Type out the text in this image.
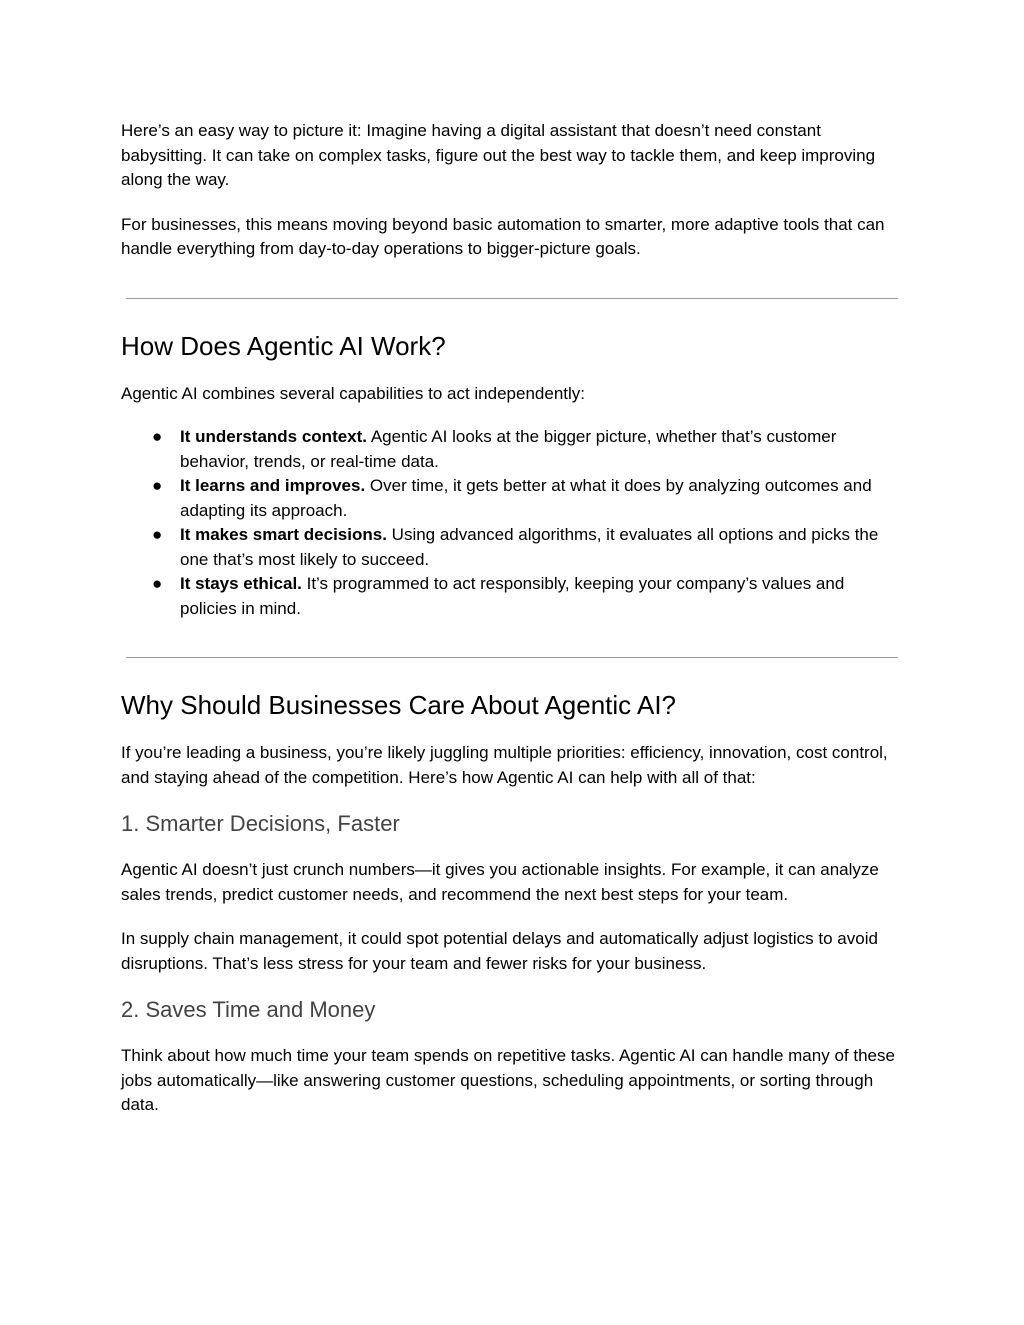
Here’s an easy way to picture it: Imagine having a digital assistant that doesn’t need constant babysitting. It can take on complex tasks, figure out the best way to tackle them, and keep improving along the way.

For businesses, this means moving beyond basic automation to smarter, more adaptive tools that can handle everything from day-to-day operations to bigger-picture goals.

How Does Agentic AI Work?

Agentic AI combines several capabilities to act independently:

● It understands context. Agentic AI looks at the bigger picture, whether that’s customer behavior, trends, or real-time data.
● It learns and improves. Over time, it gets better at what it does by analyzing outcomes and adapting its approach.
● It makes smart decisions. Using advanced algorithms, it evaluates all options and picks the one that’s most likely to succeed.
● It stays ethical. It’s programmed to act responsibly, keeping your company’s values and policies in mind.
Why Should Businesses Care About Agentic AI?

If you’re leading a business, you’re likely juggling multiple priorities: efficiency, innovation, cost control, and staying ahead of the competition. Here’s how Agentic AI can help with all of that:

1. Smarter Decisions, Faster

Agentic AI doesn’t just crunch numbers—it gives you actionable insights. For example, it can analyze sales trends, predict customer needs, and recommend the next best steps for your team.

In supply chain management, it could spot potential delays and automatically adjust logistics to avoid disruptions. That’s less stress for your team and fewer risks for your business.

2. Saves Time and Money

Think about how much time your team spends on repetitive tasks. Agentic AI can handle many of these jobs automatically—like answering customer questions, scheduling appointments, or sorting through data.
